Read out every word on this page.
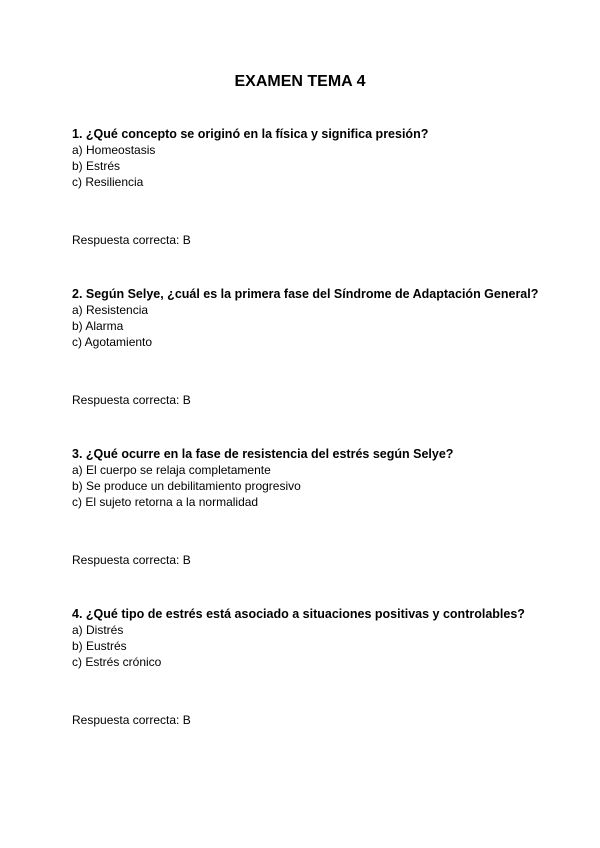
EXAMEN TEMA 4
1. ¿Qué concepto se originó en la física y significa presión?
a) Homeostasis
b) Estrés
c) Resiliencia
Respuesta correcta: B
2. Según Selye, ¿cuál es la primera fase del Síndrome de Adaptación General?
a) Resistencia
b) Alarma
c) Agotamiento
Respuesta correcta: B
3. ¿Qué ocurre en la fase de resistencia del estrés según Selye?
a) El cuerpo se relaja completamente
b) Se produce un debilitamiento progresivo
c) El sujeto retorna a la normalidad
Respuesta correcta: B
4. ¿Qué tipo de estrés está asociado a situaciones positivas y controlables?
a) Distrés
b) Eustrés
c) Estrés crónico
Respuesta correcta: B
